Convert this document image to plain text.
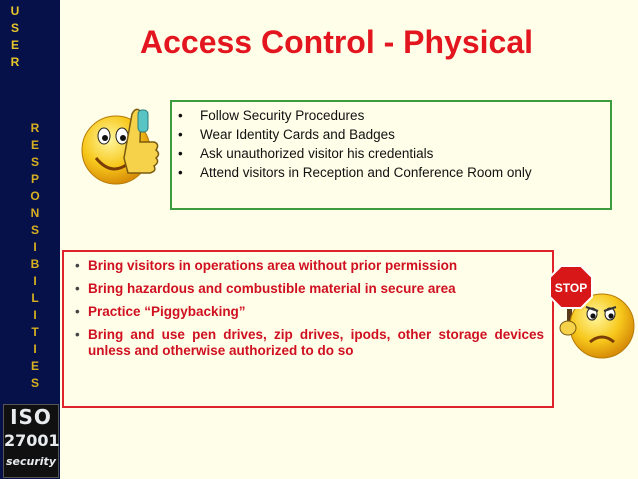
U
S
E
R
R
E
S
P
O
N
S
I
B
I
L
I
T
I
E
S
ISO
27001
security
Access Control - Physical
• Follow Security Procedures
• Wear Identity Cards and Badges
• Ask unauthorized visitor his credentials
• Attend visitors in Reception and Conference Room only
• Bring visitors in operations area without prior permission
• Bring hazardous and combustible material in secure area
• Practice “Piggybacking”
• Bring and use pen drives, zip drives, ipods, other storage devices unless and otherwise authorized to do so
STOP
